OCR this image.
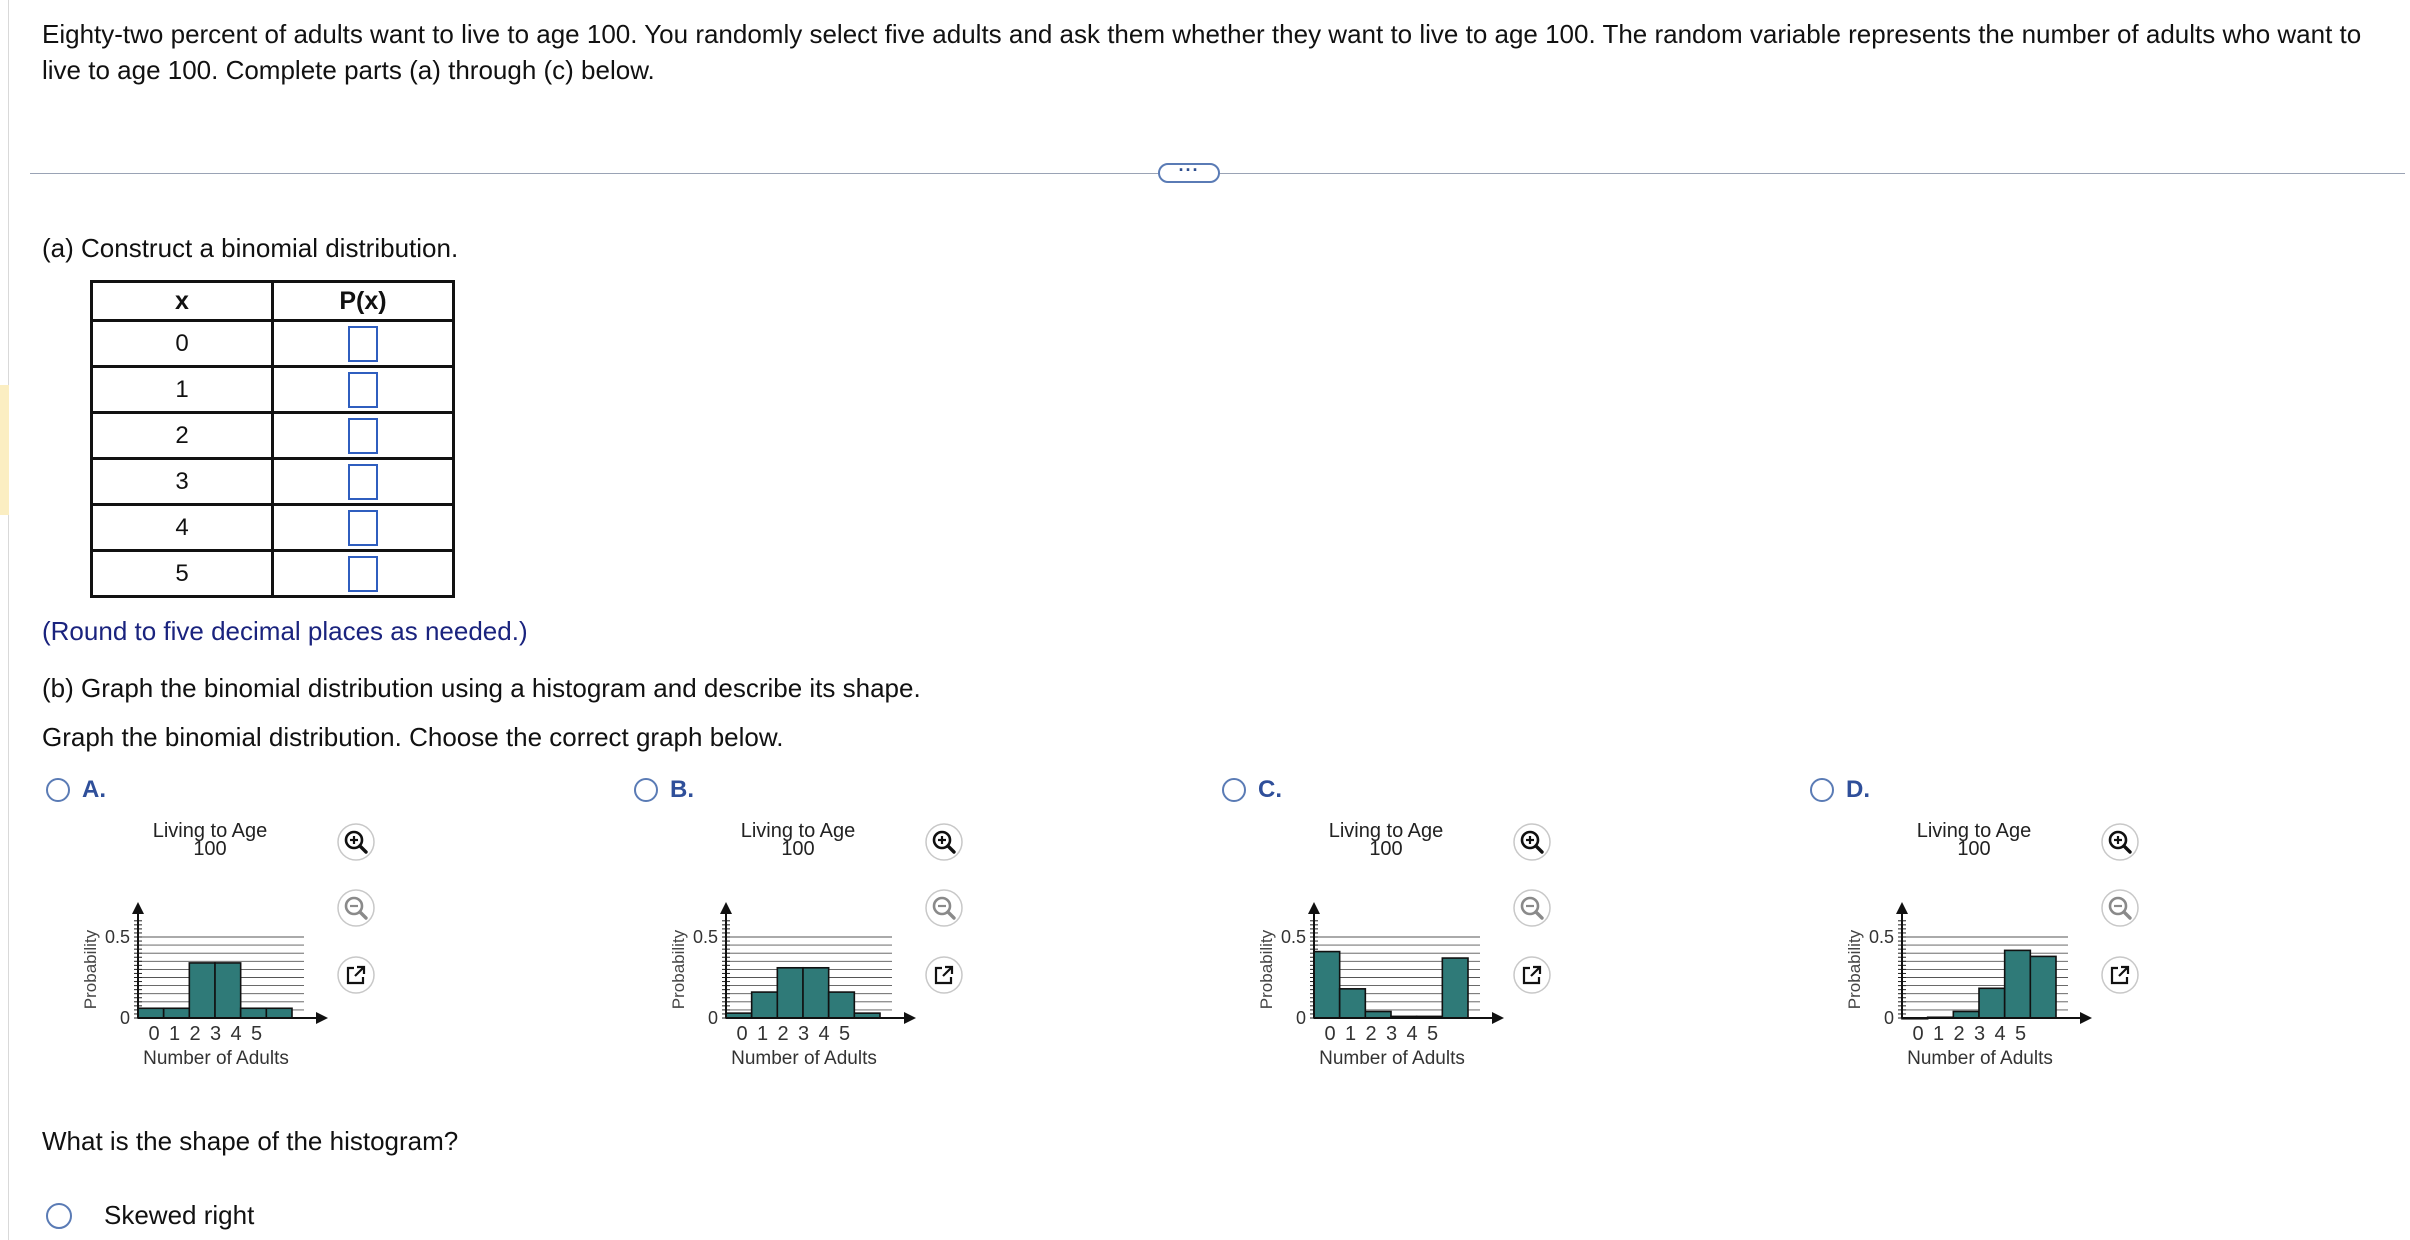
Eighty-two percent of adults want to live to age 100. You randomly select five adults and ask them whether they want to live to age 100. The random variable represents the number of adults who want to live to age 100. Complete parts (a) through (c) below.
···
(a) Construct a binomial distribution.
x	P(x)
0	
1	
2	
3	
4	
5	
(Round to five decimal places as needed.)
(b) Graph the binomial distribution using a histogram and describe its shape.
Graph the binomial distribution. Choose the correct graph below.
A.
Living to Age
100
0
0.5
0 1 2 3 4 5
Number of Adults
Probability
B.
Living to Age
100
0
0.5
0 1 2 3 4 5
Number of Adults
Probability
C.
Living to Age
100
0
0.5
0 1 2 3 4 5
Number of Adults
Probability
D.
Living to Age
100
0
0.5
0 1 2 3 4 5
Number of Adults
Probability
What is the shape of the histogram?
Skewed right
